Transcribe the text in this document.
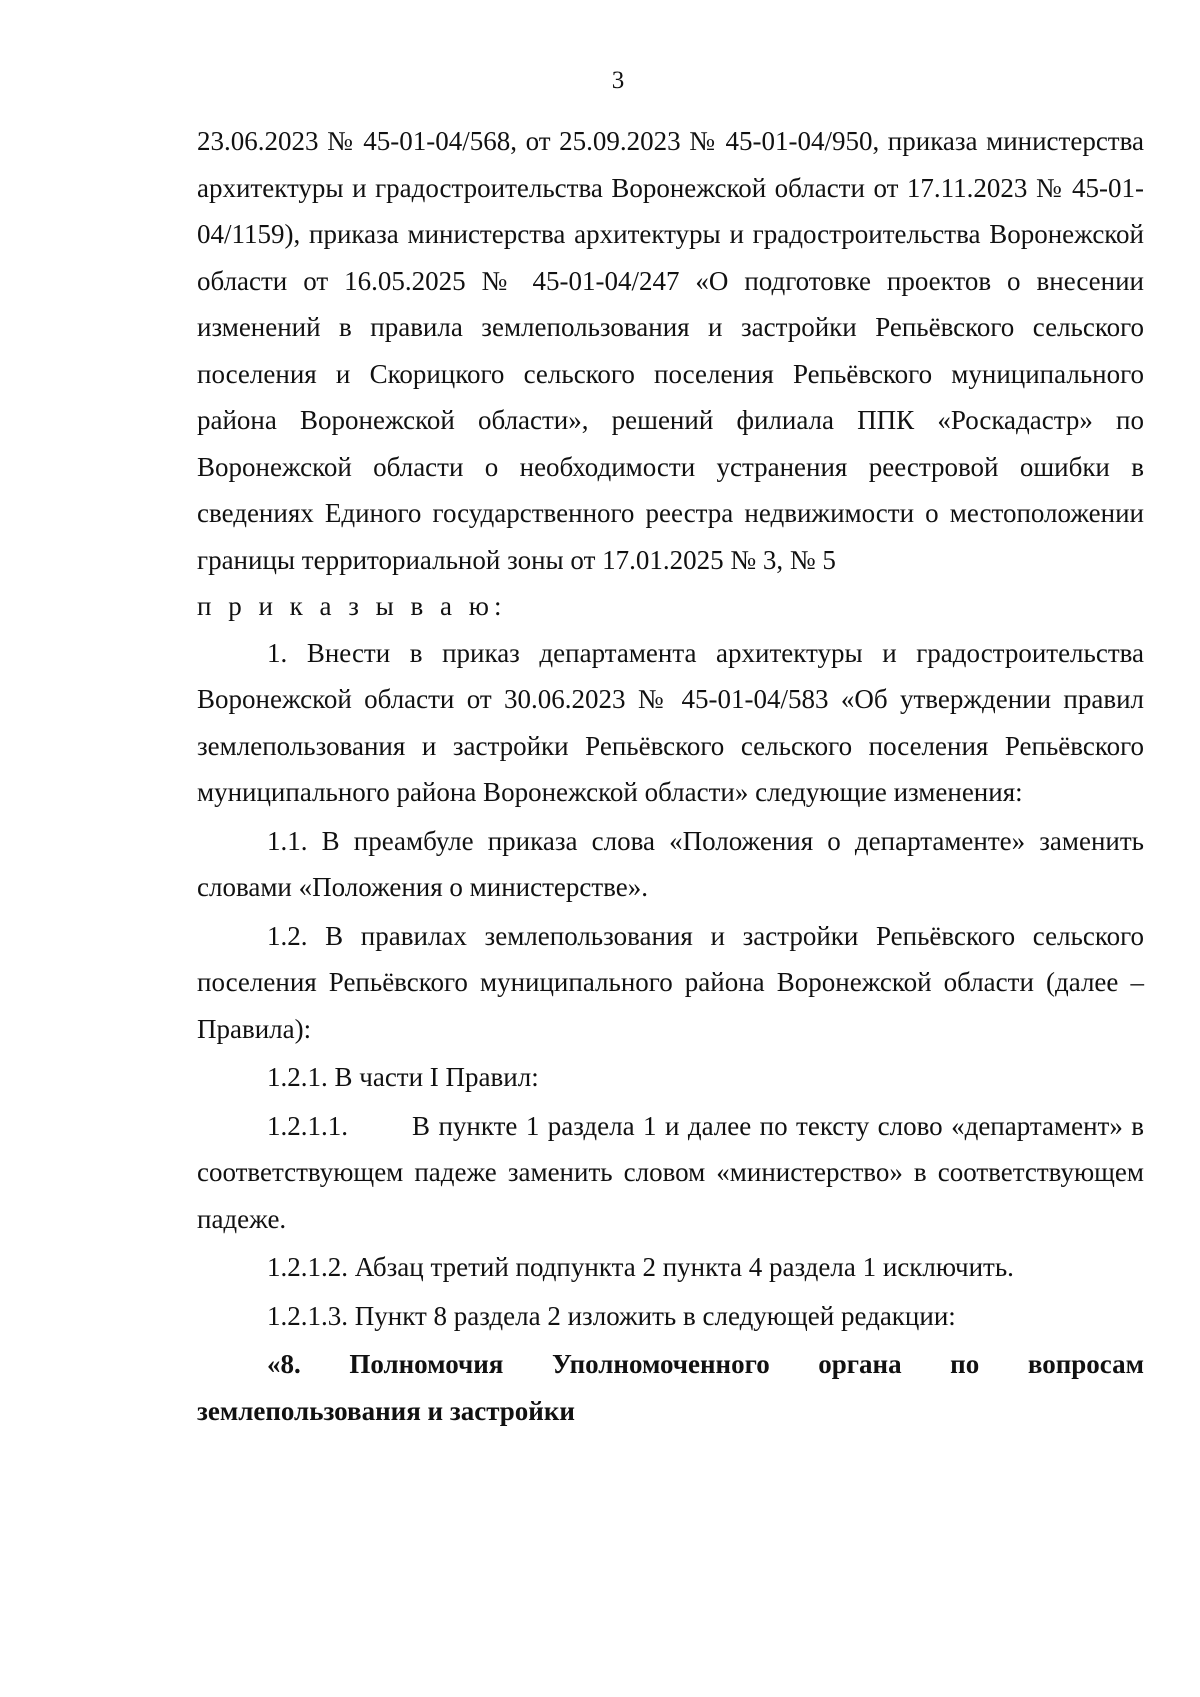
3

23.06.2023 № 45-01-04/568, от 25.09.2023 № 45-01-04/950, приказа министерства архитектуры и градостроительства Воронежской области от 17.11.2023 № 45-01-04/1159), приказа министерства архитектуры и градостроительства Воронежской области от 16.05.2025 № 45-01-04/247 «О подготовке проектов о внесении изменений в правила землепользования и застройки Репьёвского сельского поселения и Скорицкого сельского поселения Репьёвского муниципального района Воронежской области», решений филиала ППК «Роскадастр» по Воронежской области о необходимости устранения реестровой ошибки в сведениях Единого государственного реестра недвижимости о местоположении границы территориальной зоны от 17.01.2025 № 3, № 5

п р и к а з ы в а ю:

1. Внести в приказ департамента архитектуры и градостроительства Воронежской области от 30.06.2023 № 45-01-04/583 «Об утверждении правил землепользования и застройки Репьёвского сельского поселения Репьёвского муниципального района Воронежской области» следующие изменения:

1.1. В преамбуле приказа слова «Положения о департаменте» заменить словами «Положения о министерстве».

1.2. В правилах землепользования и застройки Репьёвского сельского поселения Репьёвского муниципального района Воронежской области (далее – Правила):

1.2.1. В части I Правил:

1.2.1.1. В пункте 1 раздела 1 и далее по тексту слово «департамент» в соответствующем падеже заменить словом «министерство» в соответствующем падеже.

1.2.1.2. Абзац третий подпункта 2 пункта 4 раздела 1 исключить.

1.2.1.3. Пункт 8 раздела 2 изложить в следующей редакции:

«8. Полномочия Уполномоченного органа по вопросам землепользования и застройки
